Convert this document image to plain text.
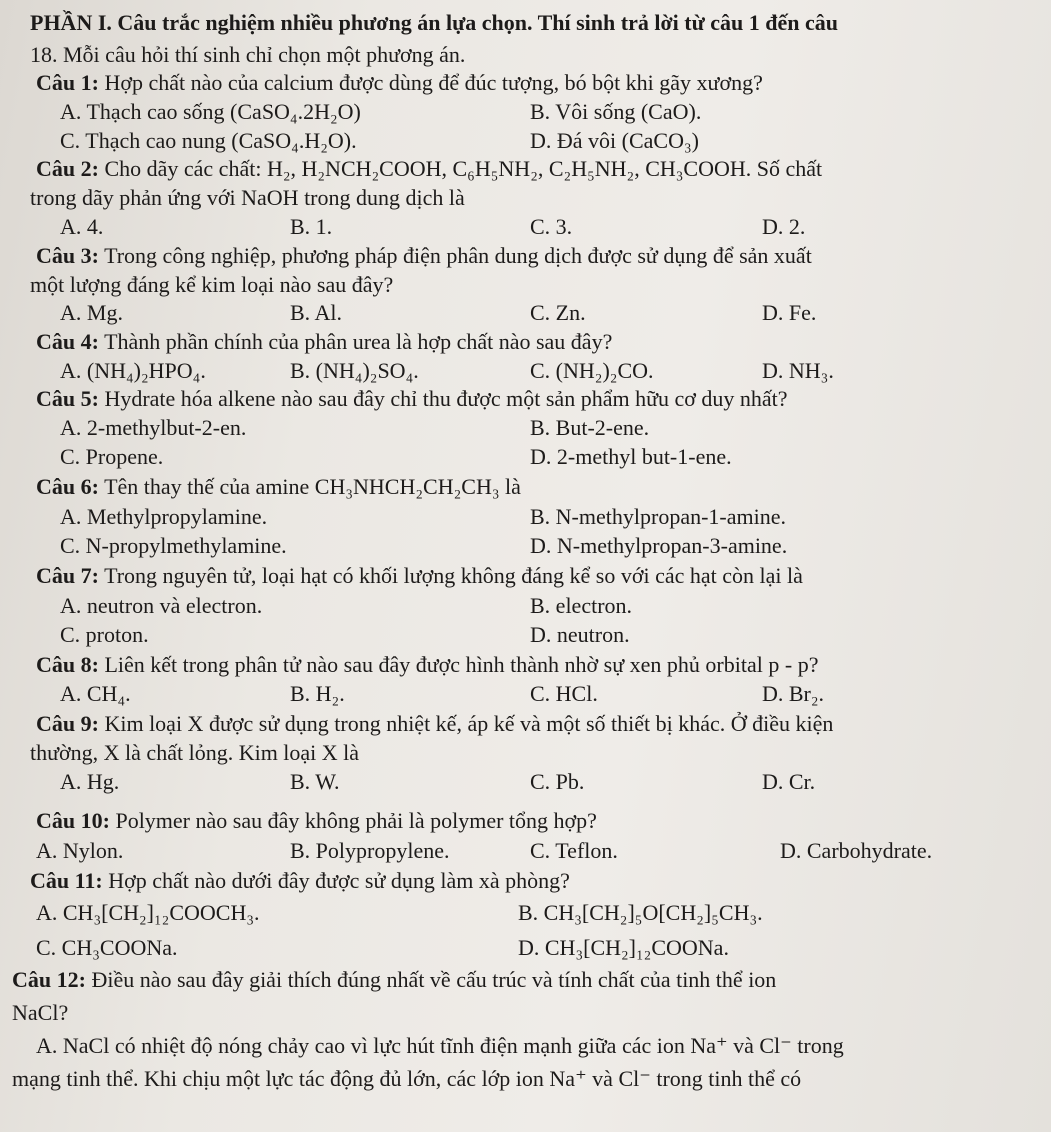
PHẦN I. Câu trắc nghiệm nhiều phương án lựa chọn. Thí sinh trả lời từ câu 1 đến câu
18. Mỗi câu hỏi thí sinh chỉ chọn một phương án.
Câu 1: Hợp chất nào của calcium được dùng để đúc tượng, bó bột khi gãy xương?
A. Thạch cao sống (CaSO₄.2H₂O)	B. Vôi sống (CaO).
C. Thạch cao nung (CaSO₄.H₂O).	D. Đá vôi (CaCO₃)
Câu 2: Cho dãy các chất: H₂, H₂NCH₂COOH, C₆H₅NH₂, C₂H₅NH₂, CH₃COOH. Số chất
trong dãy phản ứng với NaOH trong dung dịch là
A. 4.	B. 1.	C. 3.	D. 2.
Câu 3: Trong công nghiệp, phương pháp điện phân dung dịch được sử dụng để sản xuất
một lượng đáng kể kim loại nào sau đây?
A. Mg.	B. Al.	C. Zn.	D. Fe.
Câu 4: Thành phần chính của phân urea là hợp chất nào sau đây?
A. (NH₄)₂HPO₄.	B. (NH₄)₂SO₄.	C. (NH₂)₂CO.	D. NH₃.
Câu 5: Hydrate hóa alkene nào sau đây chỉ thu được một sản phẩm hữu cơ duy nhất?
A. 2-methylbut-2-en.	B. But-2-ene.
C. Propene.	D. 2-methyl but-1-ene.
Câu 6: Tên thay thế của amine CH₃NHCH₂CH₂CH₃ là
A. Methylpropylamine.	B. N-methylpropan-1-amine.
C. N-propylmethylamine.	D. N-methylpropan-3-amine.
Câu 7: Trong nguyên tử, loại hạt có khối lượng không đáng kể so với các hạt còn lại là
A. neutron và electron.	B. electron.
C. proton.	D. neutron.
Câu 8: Liên kết trong phân tử nào sau đây được hình thành nhờ sự xen phủ orbital p - p?
A. CH₄.	B. H₂.	C. HCl.	D. Br₂.
Câu 9: Kim loại X được sử dụng trong nhiệt kế, áp kế và một số thiết bị khác. Ở điều kiện
thường, X là chất lỏng. Kim loại X là
A. Hg.	B. W.	C. Pb.	D. Cr.
Câu 10: Polymer nào sau đây không phải là polymer tổng hợp?
A. Nylon.	B. Polypropylene.	C. Teflon.	D. Carbohydrate.
Câu 11: Hợp chất nào dưới đây được sử dụng làm xà phòng?
A. CH₃[CH₂]₁₂COOCH₃.	B. CH₃[CH₂]₅O[CH₂]₅CH₃.
C. CH₃COONa.	D. CH₃[CH₂]₁₂COONa.
Câu 12: Điều nào sau đây giải thích đúng nhất về cấu trúc và tính chất của tinh thể ion
NaCl?
A. NaCl có nhiệt độ nóng chảy cao vì lực hút tĩnh điện mạnh giữa các ion Na⁺ và Cl⁻ trong
mạng tinh thể. Khi chịu một lực tác động đủ lớn, các lớp ion Na⁺ và Cl⁻ trong tinh thể có
